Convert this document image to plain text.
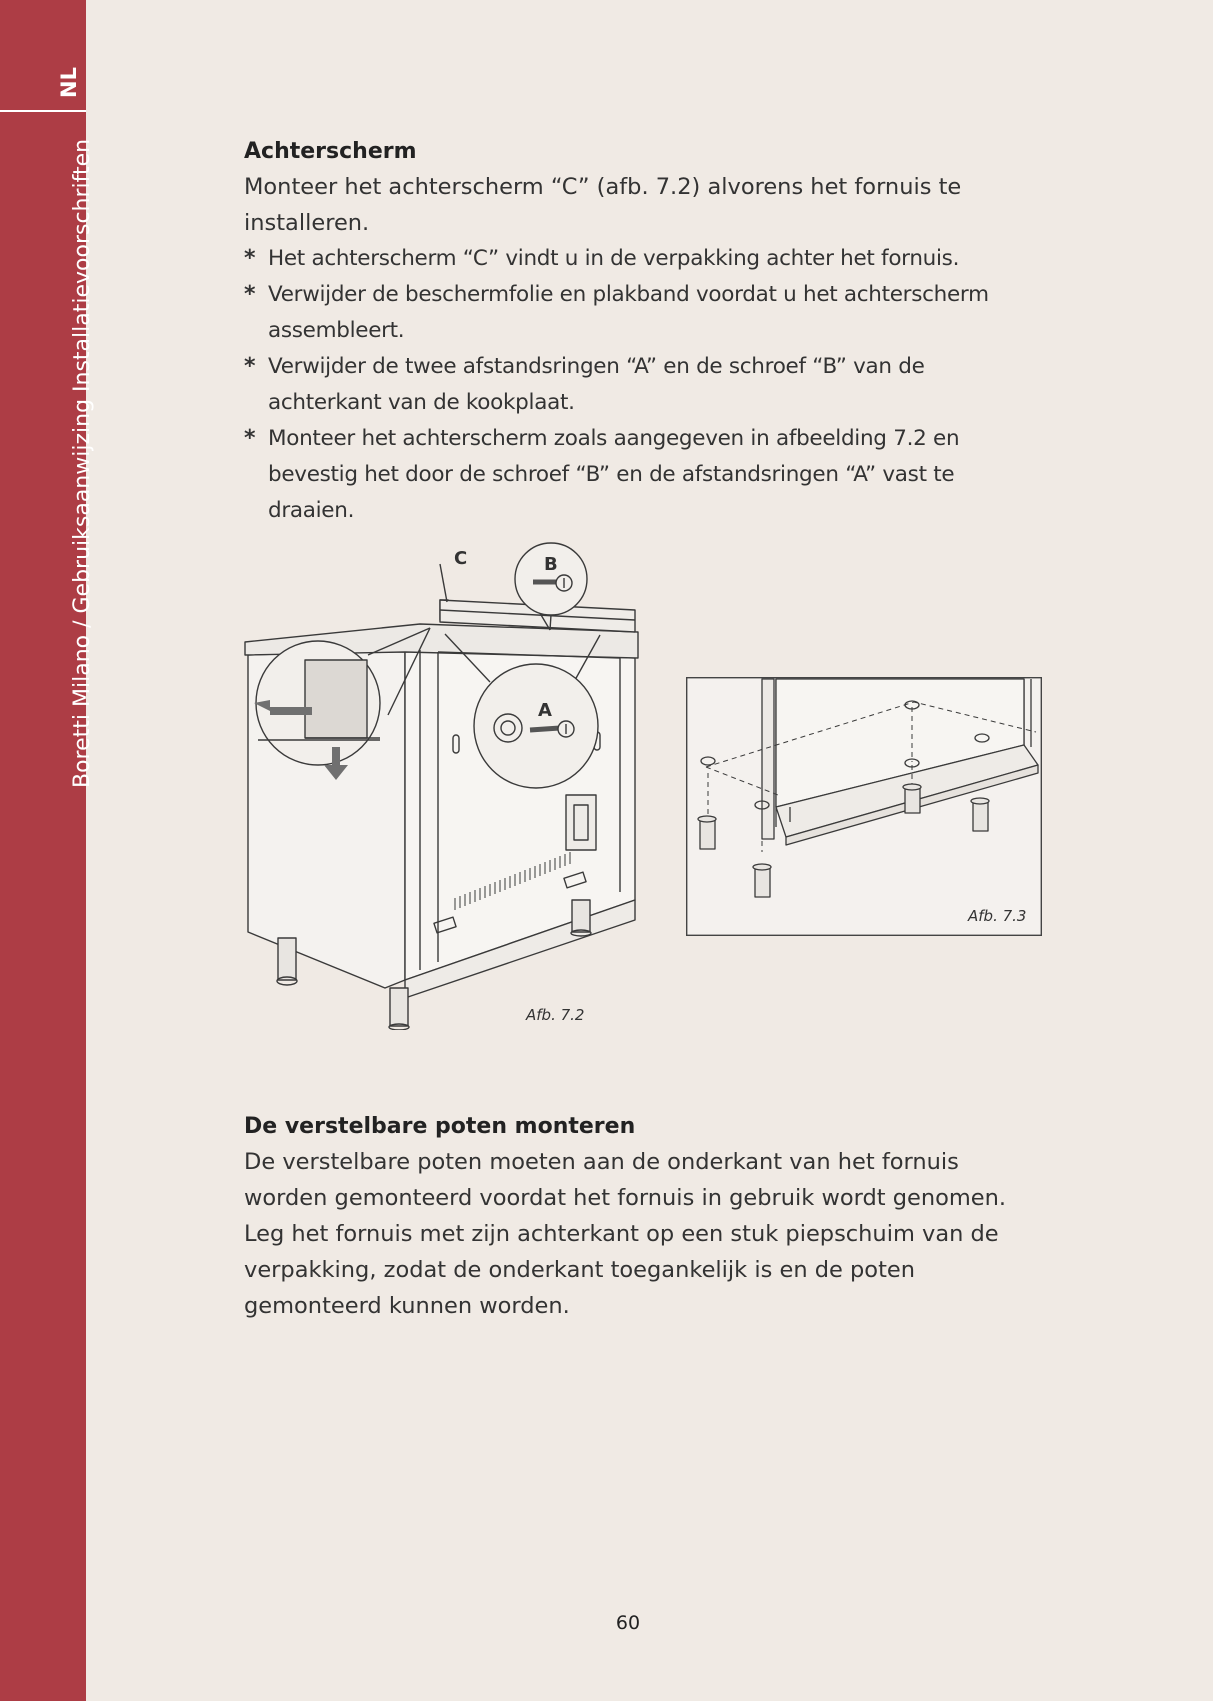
NL
Boretti Milano / Gebruiksaanwijzing Installatievoorschriften	Achterscherm

Monteer het achterscherm “C” (afb. 7.2) alvorens het fornuis te installeren.

* Het achterscherm “C” vindt u in de verpakking achter het fornuis.
* Verwijder de beschermfolie en plakband voordat u het achterscherm assembleert.
* Verwijder de twee afstandsringen “A” en de schroef “B” van de achterkant van de kookplaat.
* Monteer het achterscherm zoals aangegeven in afbeelding 7.2 en bevestig het door de schroef “B” en de afstandsringen “A” vast te draaien.
C	B
A
Afb. 7.2
Afb. 7.3
De verstelbare poten monteren

De verstelbare poten moeten aan de onderkant van het fornuis worden gemonteerd voordat het fornuis in gebruik wordt genomen.

Leg het fornuis met zijn achterkant op een stuk piepschuim van de verpakking, zodat de onderkant toegankelijk is en de poten gemonteerd kunnen worden.

60
